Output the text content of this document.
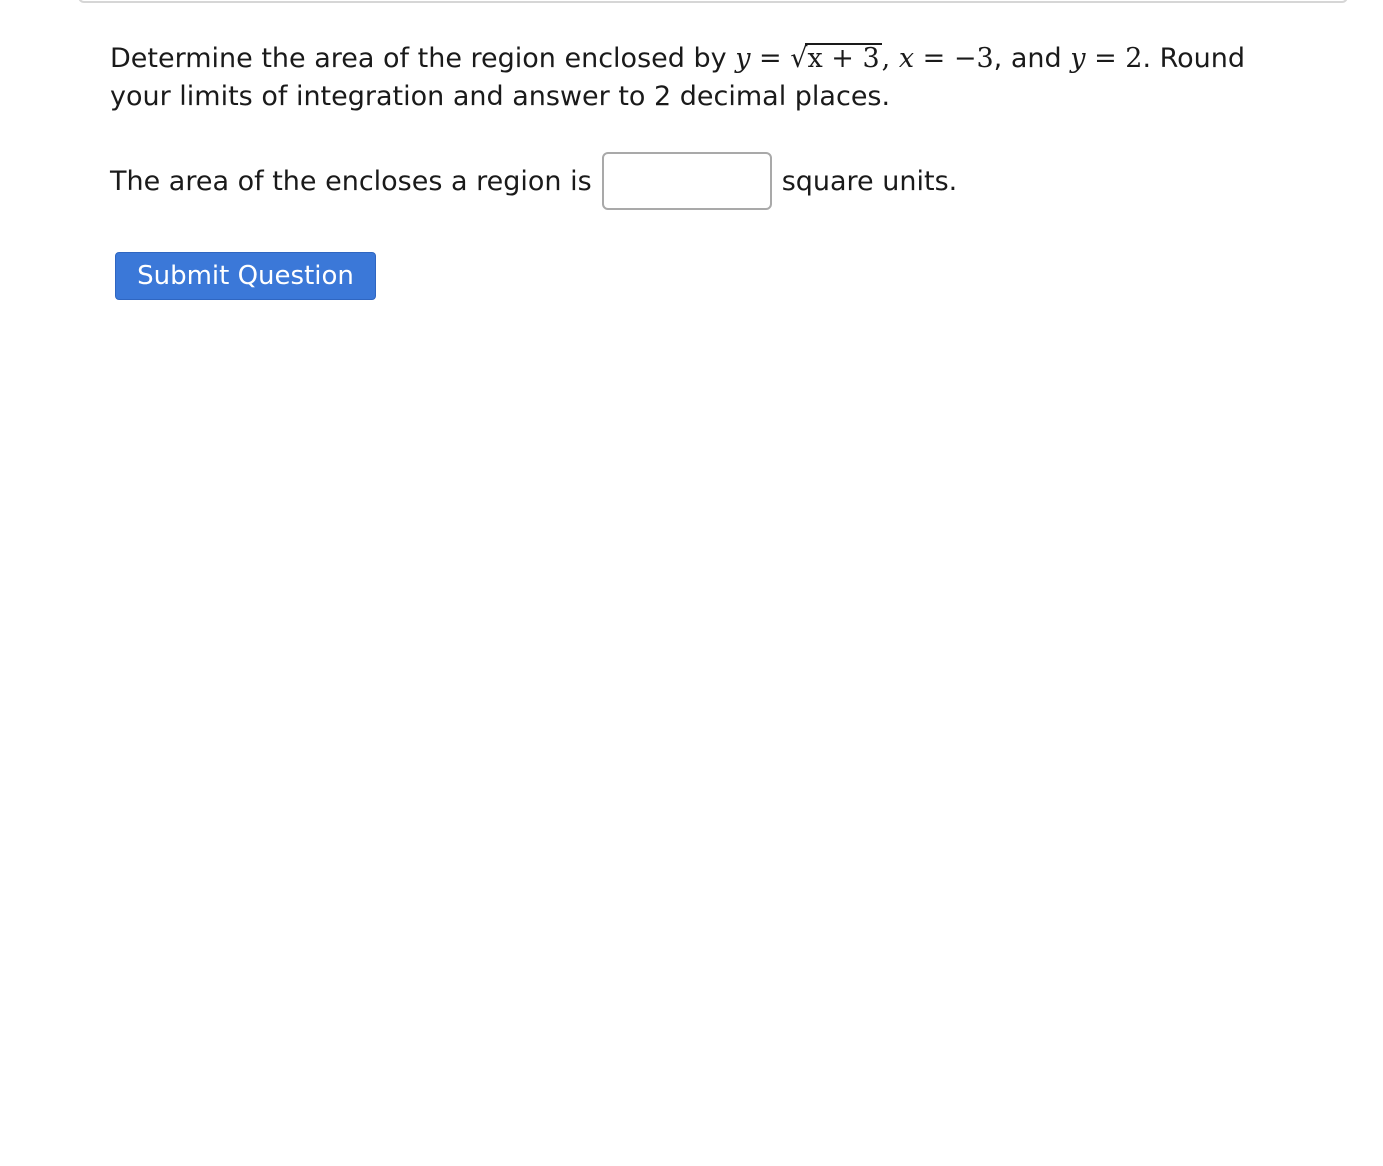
Determine the area of the region enclosed by y = √x + 3, x = −3, and y = 2. Round your limits of integration and answer to 2 decimal places.
The area of the encloses a region is	square units.
Submit Question
